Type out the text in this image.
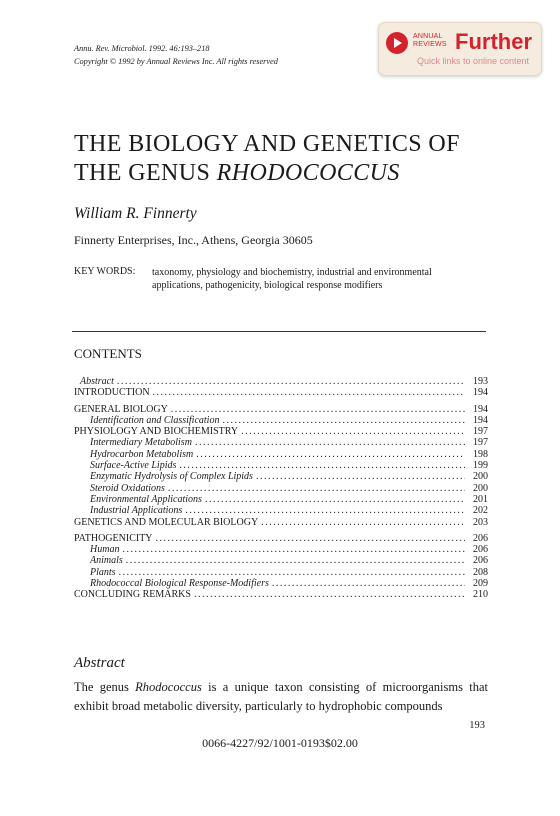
Annu. Rev. Microbiol. 1992. 46:193–218
Copyright © 1992 by Annual Reviews Inc. All rights reserved
ANNUAL
REVIEWS Further
Quick links to online content
THE BIOLOGY AND GENETICS OF
THE GENUS RHODOCOCCUS
William R. Finnerty
Finnerty Enterprises, Inc., Athens, Georgia 30605
KEY WORDS: taxonomy, physiology and biochemistry, industrial and environmental applications, pathogenicity, biological response modifiers
CONTENTS
Abstract .....	193
INTRODUCTION .....	194
GENERAL BIOLOGY .....	194
Identification and Classification .....	194
PHYSIOLOGY AND BIOCHEMISTRY .....	197
Intermediary Metabolism .....	197
Hydrocarbon Metabolism .....	198
Surface-Active Lipids .....	199
Enzymatic Hydrolysis of Complex Lipids .....	200
Steroid Oxidations .....	200
Environmental Applications .....	201
Industrial Applications .....	202
GENETICS AND MOLECULAR BIOLOGY .....	203
PATHOGENICITY .....	206
Human .....	206
Animals .....	206
Plants .....	208
Rhodococcal Biological Response-Modifiers .....	209
CONCLUDING REMARKS .....	210
Abstract
The genus Rhodococcus is a unique taxon consisting of microorganisms that exhibit broad metabolic diversity, particularly to hydrophobic compounds
193
0066-4227/92/1001-0193$02.00
